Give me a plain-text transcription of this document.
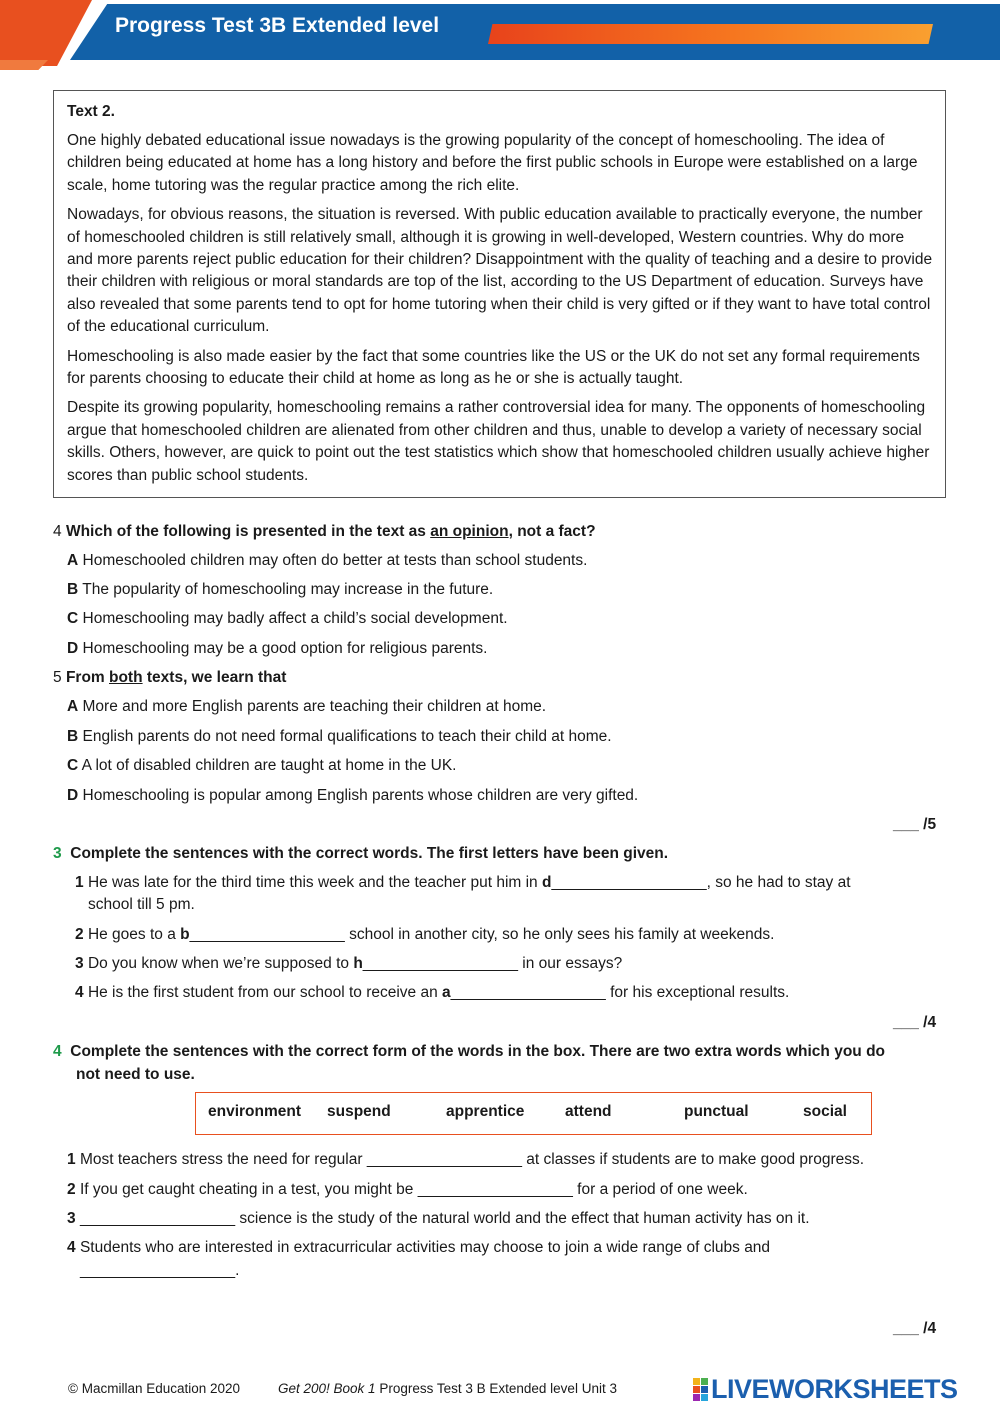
Progress Test 3B Extended level
Text 2.

One highly debated educational issue nowadays is the growing popularity of the concept of homeschooling. The idea of children being educated at home has a long history and before the first public schools in Europe were established on a large scale, home tutoring was the regular practice among the rich elite.

Nowadays, for obvious reasons, the situation is reversed. With public education available to practically everyone, the number of homeschooled children is still relatively small, although it is growing in well-developed, Western countries. Why do more and more parents reject public education for their children? Disappointment with the quality of teaching and a desire to provide their children with religious or moral standards are top of the list, according to the US Department of education. Surveys have also revealed that some parents tend to opt for home tutoring when their child is very gifted or if they want to have total control of the educational curriculum.

Homeschooling is also made easier by the fact that some countries like the US or the UK do not set any formal requirements for parents choosing to educate their child at home as long as he or she is actually taught.

Despite its growing popularity, homeschooling remains a rather controversial idea for many. The opponents of homeschooling argue that homeschooled children are alienated from other children and thus, unable to develop a variety of necessary social skills. Others, however, are quick to point out the test statistics which show that homeschooled children usually achieve higher scores than public school students.

4 Which of the following is presented in the text as an opinion, not a fact?
A Homeschooled children may often do better at tests than school students.
B The popularity of homeschooling may increase in the future.
C Homeschooling may badly affect a child’s social development.
D Homeschooling may be a good option for religious parents.
5 From both texts, we learn that
A More and more English parents are teaching their children at home.
B English parents do not need formal qualifications to teach their child at home.
C A lot of disabled children are taught at home in the UK.
D Homeschooling is popular among English parents whose children are very gifted.
___ /5
3 Complete the sentences with the correct words. The first letters have been given.
1 He was late for the third time this week and the teacher put him in d__________________, so he had to stay at
school till 5 pm.
2 He goes to a b__________________ school in another city, so he only sees his family at weekends.
3 Do you know when we’re supposed to h__________________ in our essays?
4 He is the first student from our school to receive an a__________________ for his exceptional results.
___ /4
4 Complete the sentences with the correct form of the words in the box. There are two extra words which you do
not need to use.
environment suspend	apprentice	attend	punctual	social
1 Most teachers stress the need for regular __________________ at classes if students are to make good progress.
2 If you get caught cheating in a test, you might be __________________ for a period of one week.
3 __________________ science is the study of the natural world and the effect that human activity has on it.
4 Students who are interested in extracurricular activities may choose to join a wide range of clubs and
__________________.
___ /4
© Macmillan Education 2020	Get 200! Book 1 Progress Test 3 B Extended level Unit 3	LIVEWORKSHEETS
